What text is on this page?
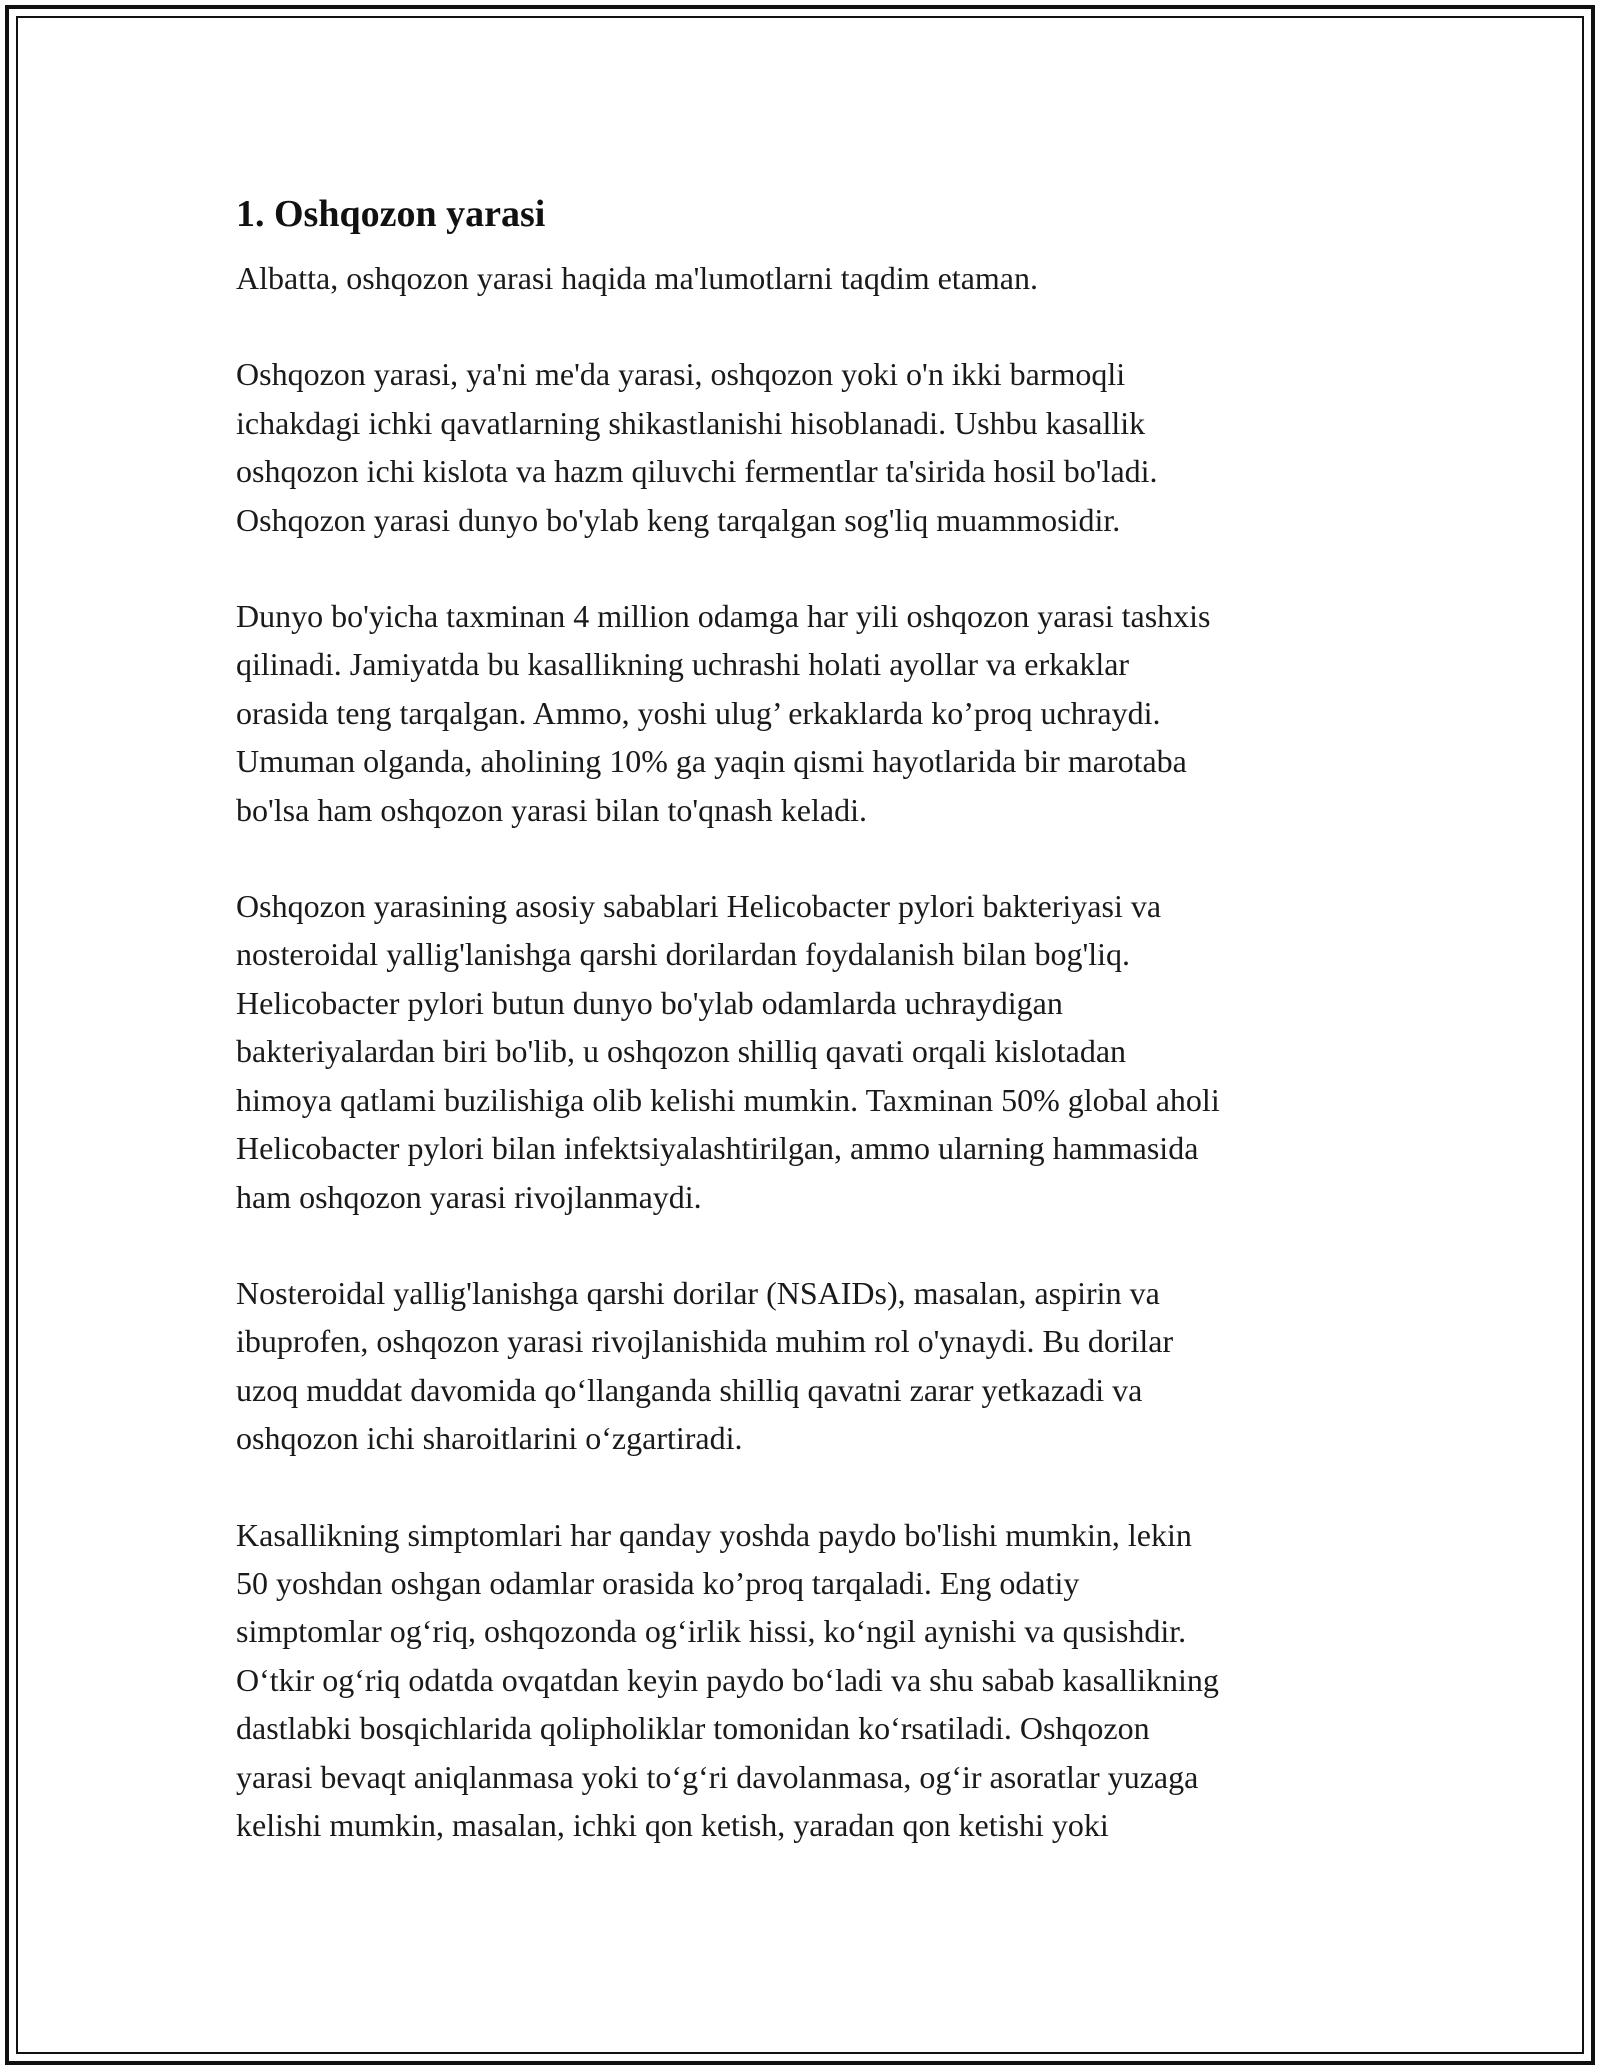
1. Oshqozon yarasi

Albatta, oshqozon yarasi haqida ma'lumotlarni taqdim etaman.

Oshqozon yarasi, ya'ni me'da yarasi, oshqozon yoki o'n ikki barmoqli
ichakdagi ichki qavatlarning shikastlanishi hisoblanadi. Ushbu kasallik
oshqozon ichi kislota va hazm qiluvchi fermentlar ta'sirida hosil bo'ladi.
Oshqozon yarasi dunyo bo'ylab keng tarqalgan sog'liq muammosidir.

Dunyo bo'yicha taxminan 4 million odamga har yili oshqozon yarasi tashxis
qilinadi. Jamiyatda bu kasallikning uchrashi holati ayollar va erkaklar
orasida teng tarqalgan. Ammo, yoshi ulug’ erkaklarda ko’proq uchraydi.
Umuman olganda, aholining 10% ga yaqin qismi hayotlarida bir marotaba
bo'lsa ham oshqozon yarasi bilan to'qnash keladi.

Oshqozon yarasining asosiy sabablari Helicobacter pylori bakteriyasi va
nosteroidal yallig'lanishga qarshi dorilardan foydalanish bilan bog'liq.
Helicobacter pylori butun dunyo bo'ylab odamlarda uchraydigan
bakteriyalardan biri bo'lib, u oshqozon shilliq qavati orqali kislotadan
himoya qatlami buzilishiga olib kelishi mumkin. Taxminan 50% global aholi
Helicobacter pylori bilan infektsiyalashtirilgan, ammo ularning hammasida
ham oshqozon yarasi rivojlanmaydi.

Nosteroidal yallig'lanishga qarshi dorilar (NSAIDs), masalan, aspirin va
ibuprofen, oshqozon yarasi rivojlanishida muhim rol o'ynaydi. Bu dorilar
uzoq muddat davomida qo‘llanganda shilliq qavatni zarar yetkazadi va
oshqozon ichi sharoitlarini o‘zgartiradi.

Kasallikning simptomlari har qanday yoshda paydo bo'lishi mumkin, lekin
50 yoshdan oshgan odamlar orasida ko’proq tarqaladi. Eng odatiy
simptomlar og‘riq, oshqozonda og‘irlik hissi, ko‘ngil aynishi va qusishdir.
O‘tkir og‘riq odatda ovqatdan keyin paydo bo‘ladi va shu sabab kasallikning
dastlabki bosqichlarida qolipholiklar tomonidan ko‘rsatiladi. Oshqozon
yarasi bevaqt aniqlanmasa yoki to‘g‘ri davolanmasa, og‘ir asoratlar yuzaga
kelishi mumkin, masalan, ichki qon ketish, yaradan qon ketishi yoki
